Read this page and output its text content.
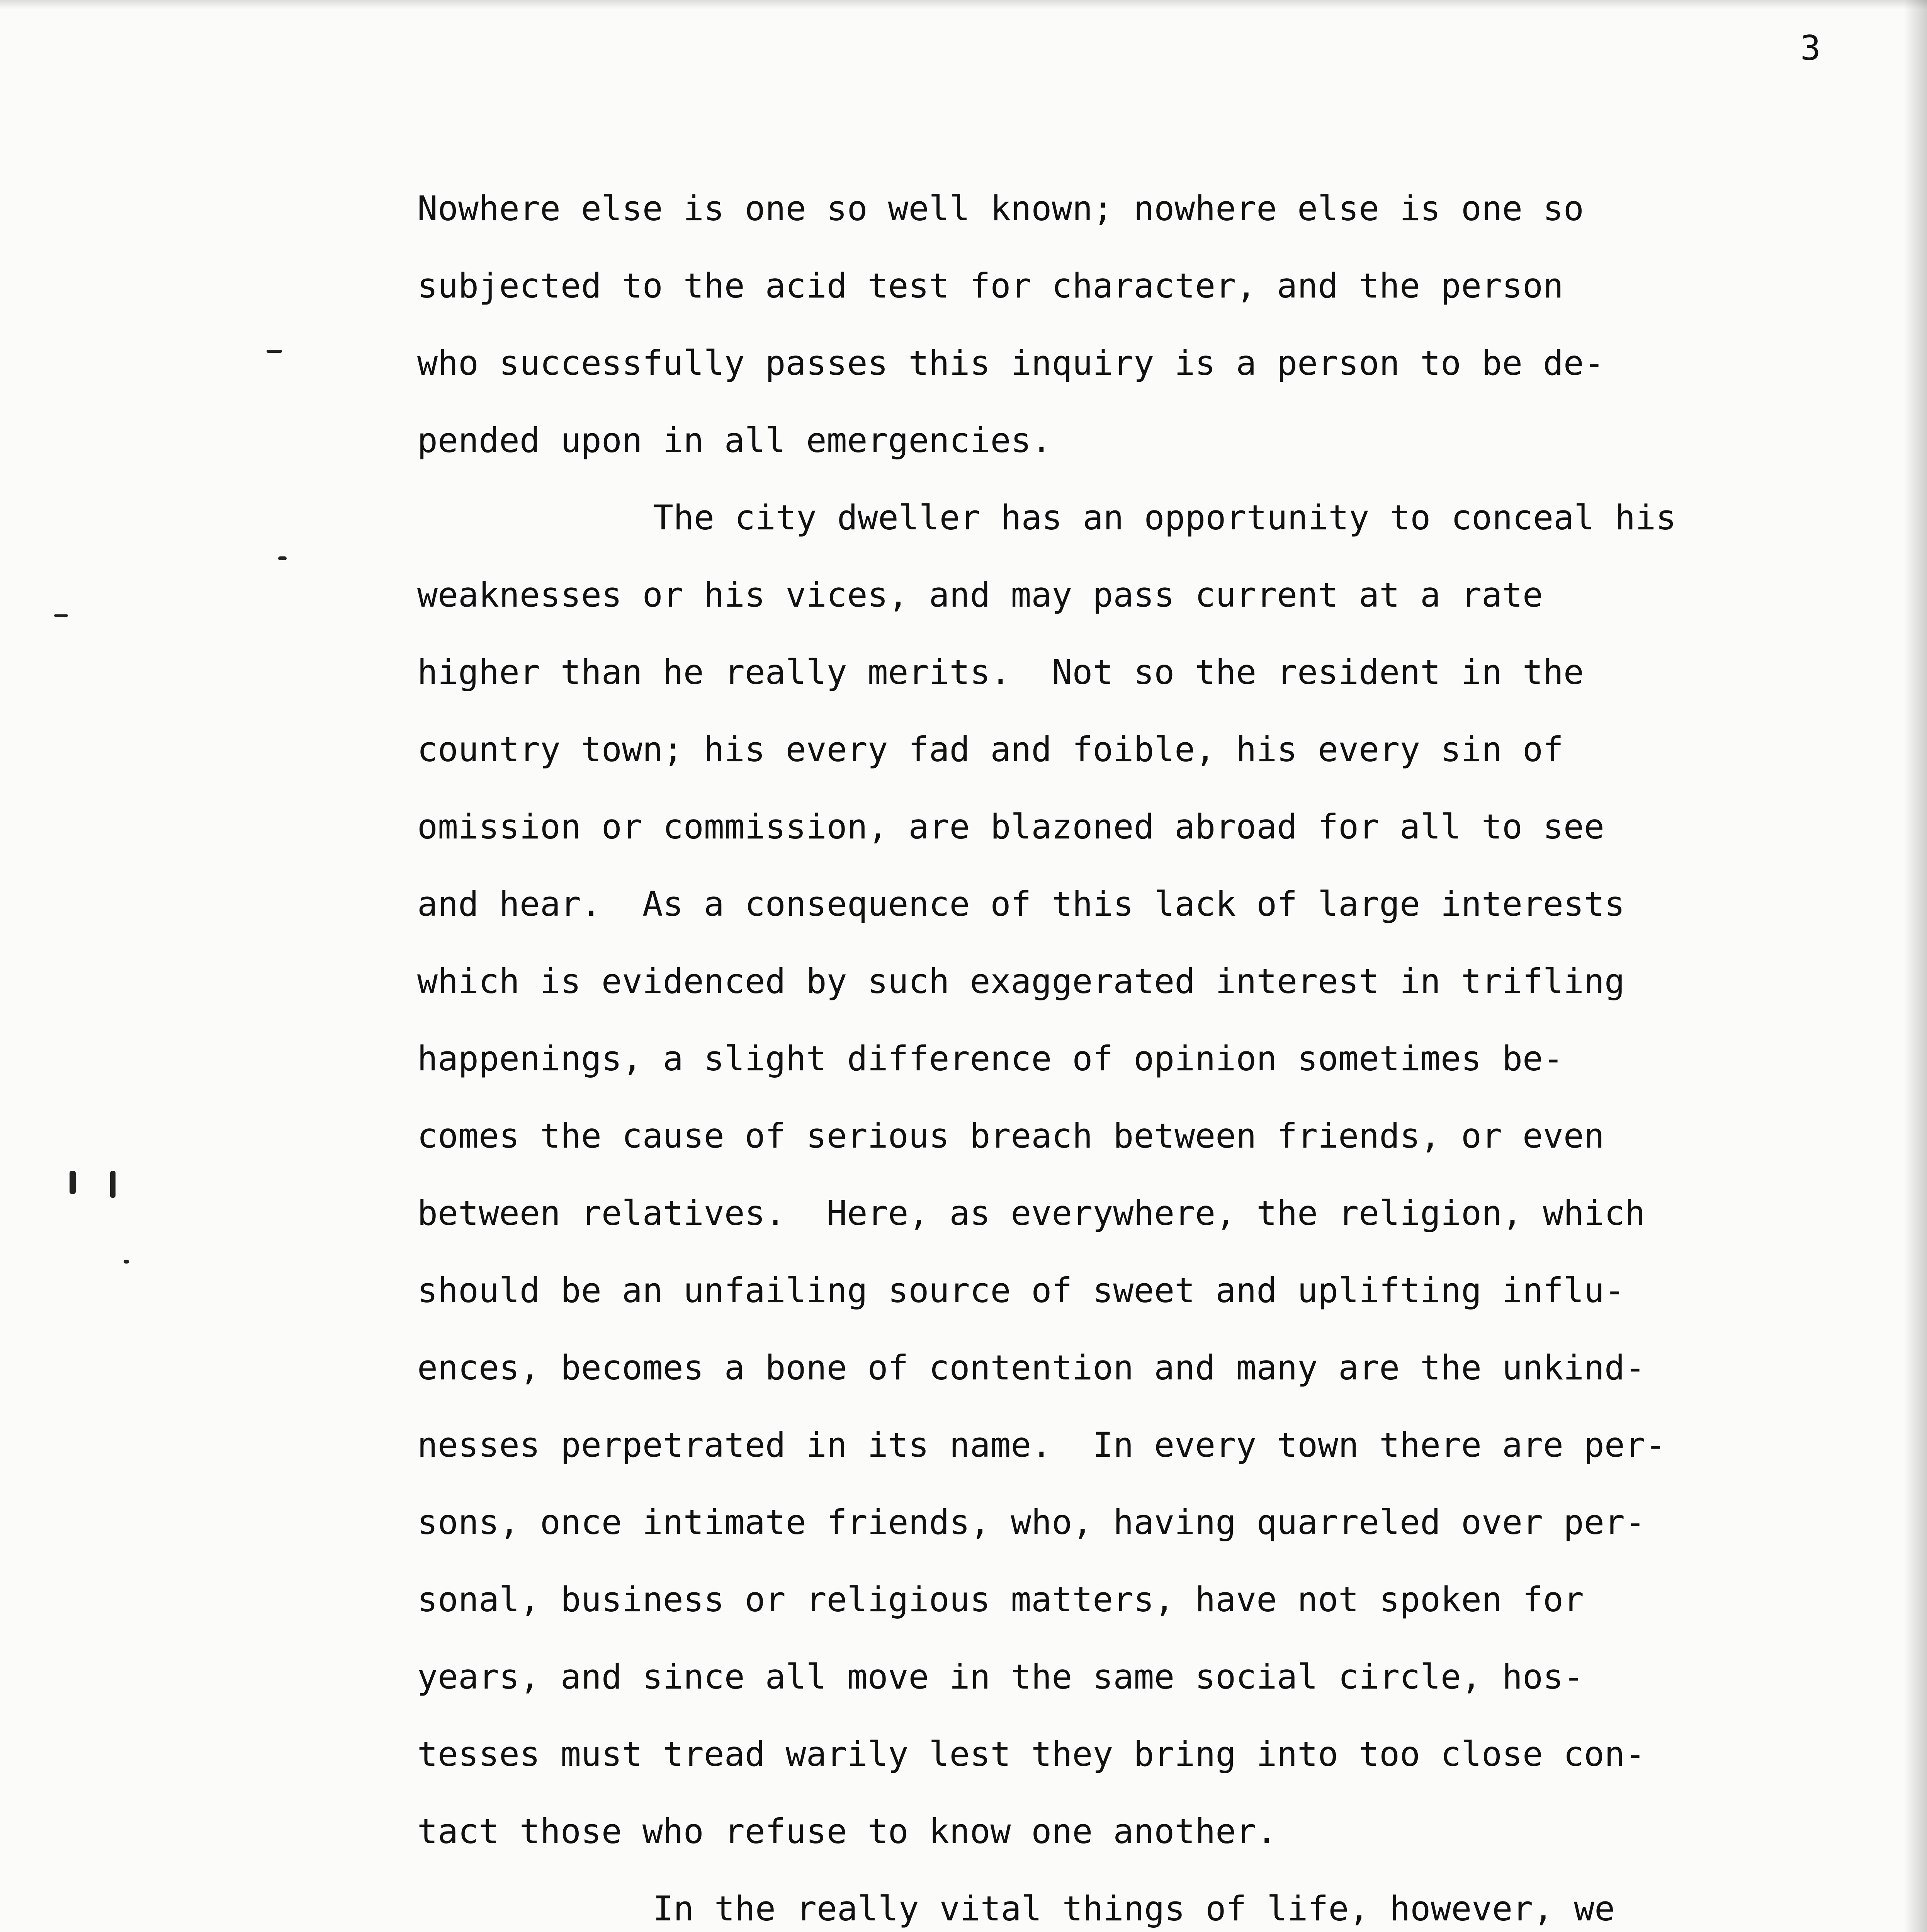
3
Nowhere else is one so well known; nowhere else is one so
subjected to the acid test for character, and the person
who successfully passes this inquiry is a person to be de-
pended upon in all emergencies.
The city dweller has an opportunity to conceal his
weaknesses or his vices, and may pass current at a rate
higher than he really merits.  Not so the resident in the
country town; his every fad and foible, his every sin of
omission or commission, are blazoned abroad for all to see
and hear.  As a consequence of this lack of large interests
which is evidenced by such exaggerated interest in trifling
happenings, a slight difference of opinion sometimes be-
comes the cause of serious breach between friends, or even
between relatives.  Here, as everywhere, the religion, which
should be an unfailing source of sweet and uplifting influ-
ences, becomes a bone of contention and many are the unkind-
nesses perpetrated in its name.  In every town there are per-
sons, once intimate friends, who, having quarreled over per-
sonal, business or religious matters, have not spoken for
years, and since all move in the same social circle, hos-
tesses must tread warily lest they bring into too close con-
tact those who refuse to know one another.
In the really vital things of life, however, we
